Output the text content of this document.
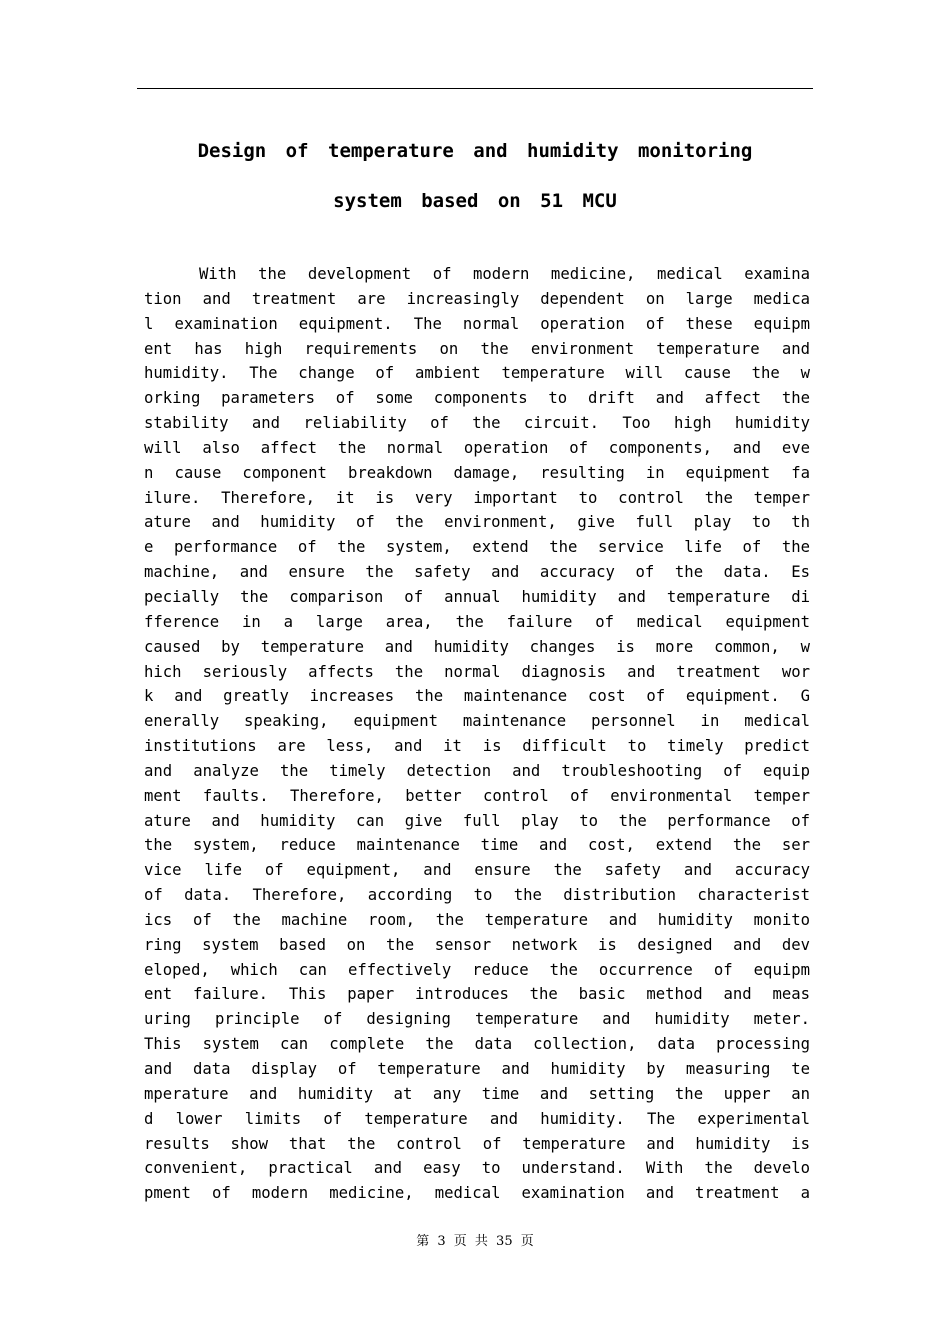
Design of temperature and humidity monitoring
system based on 51 MCU
With the development of modern medicine, medical examina
tion and treatment are increasingly dependent on large medica
l examination equipment. The normal operation of these equipm
ent has high requirements on the environment temperature and
humidity. The change of ambient temperature will cause the w
orking parameters of some components to drift and affect the
stability and reliability of the circuit. Too high humidity
will also affect the normal operation of components, and eve
n cause component breakdown damage, resulting in equipment fa
ilure. Therefore, it is very important to control the temper
ature and humidity of the environment, give full play to th
e performance of the system, extend the service life of the
machine, and ensure the safety and accuracy of the data. Es
pecially the comparison of annual humidity and temperature di
fference in a large area, the failure of medical equipment
caused by temperature and humidity changes is more common, w
hich seriously affects the normal diagnosis and treatment wor
k and greatly increases the maintenance cost of equipment. G
enerally speaking, equipment maintenance personnel in medical
institutions are less, and it is difficult to timely predict
and analyze the timely detection and troubleshooting of equip
ment faults. Therefore, better control of environmental temper
ature and humidity can give full play to the performance of
the system, reduce maintenance time and cost, extend the ser
vice life of equipment, and ensure the safety and accuracy
of data. Therefore, according to the distribution characterist
ics of the machine room, the temperature and humidity monito
ring system based on the sensor network is designed and dev
eloped, which can effectively reduce the occurrence of equipm
ent failure. This paper introduces the basic method and meas
uring principle of designing temperature and humidity meter.
This system can complete the data collection, data processing
and data display of temperature and humidity by measuring te
mperature and humidity at any time and setting the upper an
d lower limits of temperature and humidity. The experimental
results show that the control of temperature and humidity is
convenient, practical and easy to understand. With the develo
pment of modern medicine, medical examination and treatment a
第 3 页 共 35 页
